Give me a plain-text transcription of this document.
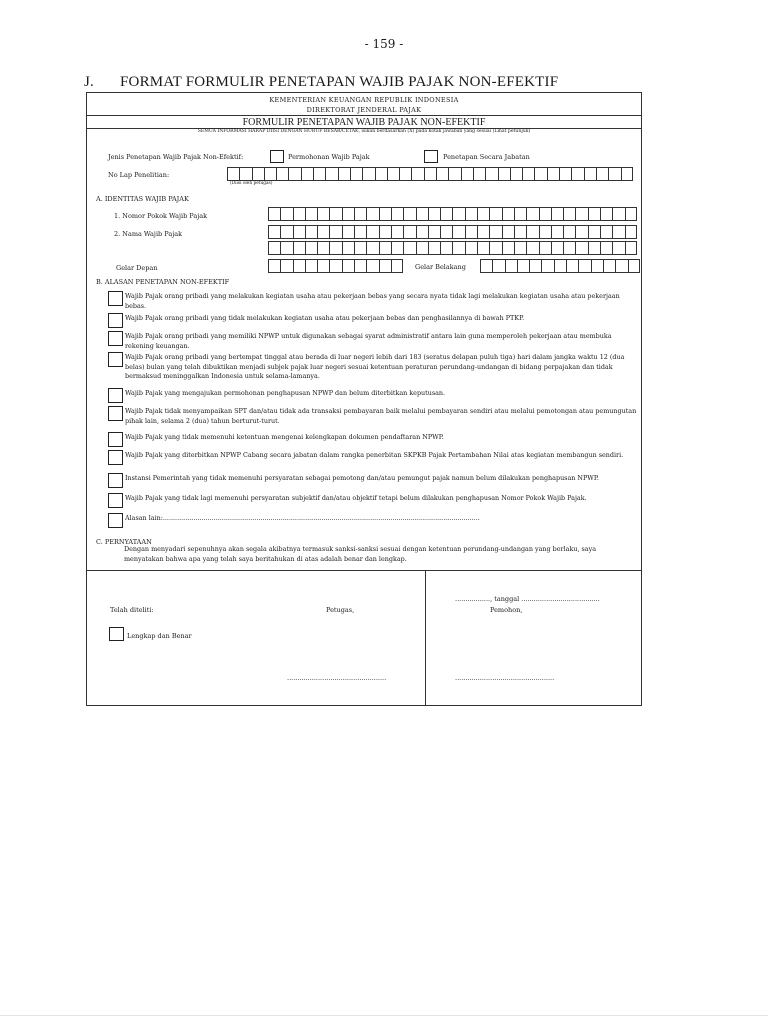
- 159 -
J. FORMAT FORMULIR PENETAPAN WAJIB PAJAK NON-EFEKTIF
KEMENTERIAN KEUANGAN REPUBLIK INDONESIA
DIREKTORAT JENDERAL PAJAK
FORMULIR PENETAPAN WAJIB PAJAK NON-EFEKTIF
SEMUA INFORMASI HARAP DIISI DENGAN HURUF BESAR/CETAK, isikan berdasarkan (X) pada kotak jawaban yang sesuai (Lihat petunjuk)
Jenis Penetapan Wajib Pajak Non-Efektif:	Permohonan Wajib Pajak	Penetapan Secara Jabatan
No Lap Penelitian:
(Diisi oleh petugas)
A. IDENTITAS WAJIB PAJAK
1. Nomor Pokok Wajib Pajak
2. Nama Wajib Pajak
Gelar Depan	Gelar Belakang
B. ALASAN PENETAPAN NON-EFEKTIF
Wajib Pajak orang pribadi yang melakukan kegiatan usaha atau pekerjaan bebas yang secara nyata tidak lagi melakukan kegiatan usaha atau pekerjaan bebas.
Wajib Pajak orang pribadi yang tidak melakukan kegiatan usaha atau pekerjaan bebas dan penghasilannya di bawah PTKP.
Wajib Pajak orang pribadi yang memiliki NPWP untuk digunakan sebagai syarat administratif antara lain guna memperoleh pekerjaan atau membuka rekening keuangan.
Wajib Pajak orang pribadi yang bertempat tinggal atau berada di luar negeri lebih dari 183 (seratus delapan puluh tiga) hari dalam jangka waktu 12 (dua belas) bulan yang telah dibuktikan menjadi subjek pajak luar negeri sesuai ketentuan peraturan perundang-undangan di bidang perpajakan dan tidak bermaksud meninggalkan Indonesia untuk selama-lamanya.
Wajib Pajak yang mengajukan permohonan penghapusan NPWP dan belum diterbitkan keputusan.
Wajib Pajak tidak menyampaikan SPT dan/atau tidak ada transaksi pembayaran baik melalui pembayaran sendiri atau melalui pemotongan atau pemungutan pihak lain, selama 2 (dua) tahun berturut-turut.
Wajib Pajak yang tidak memenuhi ketentuan mengenai kelengkapan dokumen pendaftaran NPWP.
Wajib Pajak yang diterbitkan NPWP Cabang secara jabatan dalam rangka penerbitan SKPKB Pajak Pertambahan Nilai atas kegiatan membangun sendiri.
Instansi Pemerintah yang tidak memenuhi persyaratan sebagai pemotong dan/atau pemungut pajak namun belum dilakukan penghapusan NPWP.
Wajib Pajak yang tidak lagi memenuhi persyaratan subjektif dan/atau objektif tetapi belum dilakukan penghapusan Nomor Pokok Wajib Pajak.
Alasan lain:............................................................................................................................................................
C. PERNYATAAN
Dengan menyadari sepenuhnya akan segala akibatnya termasuk sanksi-sanksi sesuai dengan ketentuan perundang-undangan yang berlaku, saya menyatakan bahwa apa yang telah saya beritahukan di atas adalah benar dan lengkap.
................., tanggal ......................................
Telah diteliti:	Petugas,	Pemohon,
Lengkap dan Benar
................................................	................................................
